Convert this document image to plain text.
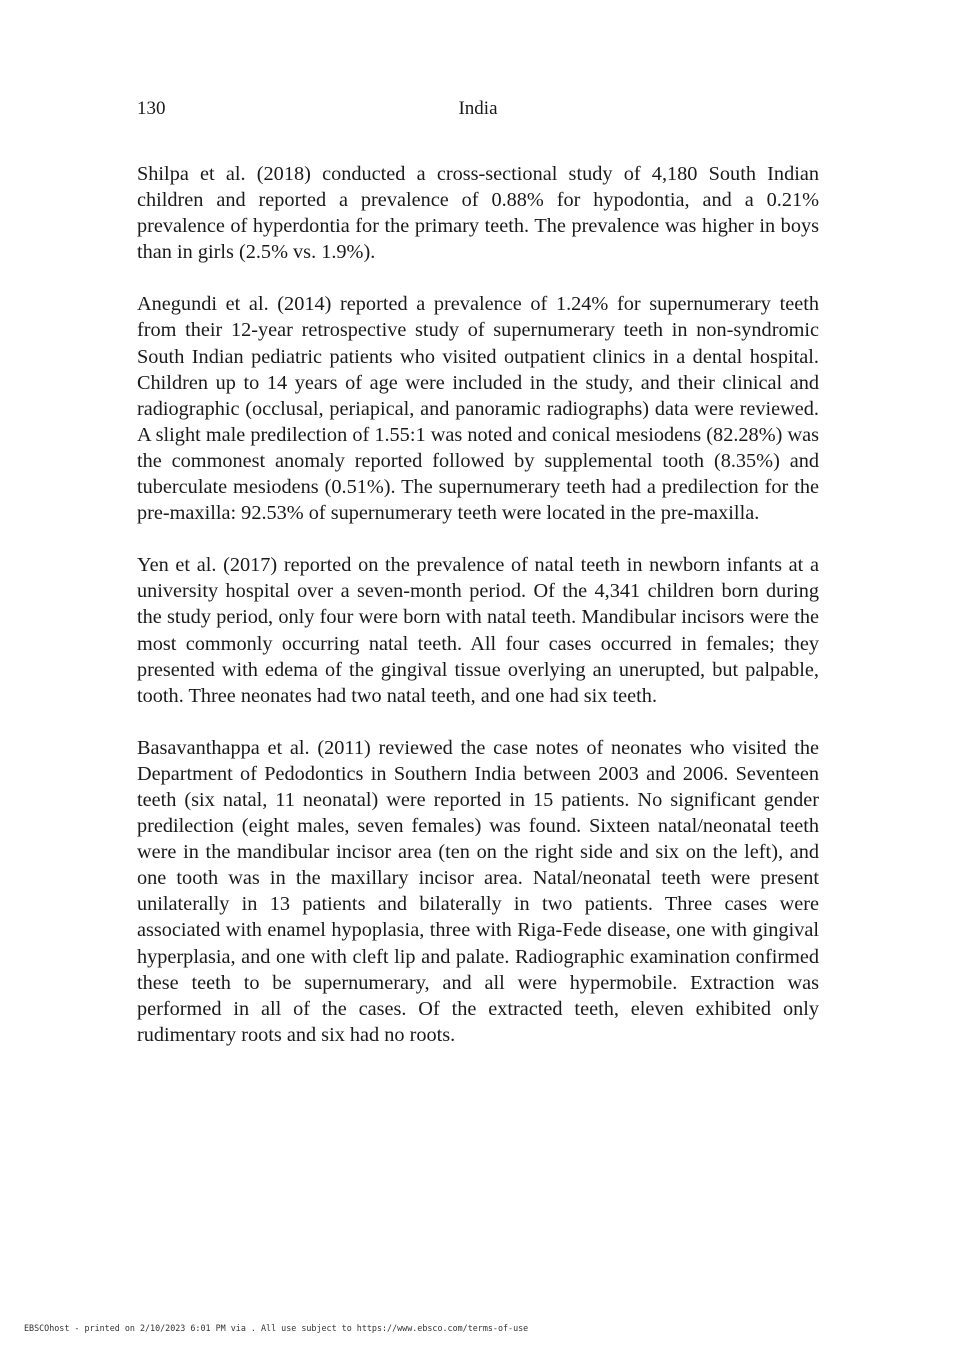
130	India

Shilpa et al. (2018) conducted a cross-sectional study of 4,180 South Indian children and reported a prevalence of 0.88% for hypodontia, and a 0.21% prevalence of hyperdontia for the primary teeth. The prevalence was higher in boys than in girls (2.5% vs. 1.9%).

Anegundi et al. (2014) reported a prevalence of 1.24% for supernumerary teeth from their 12-year retrospective study of supernumerary teeth in non-syndromic South Indian pediatric patients who visited outpatient clinics in a dental hospital. Children up to 14 years of age were included in the study, and their clinical and radiographic (occlusal, periapical, and panoramic radiographs) data were reviewed. A slight male predilection of 1.55:1 was noted and conical mesiodens (82.28%) was the commonest anomaly reported followed by supplemental tooth (8.35%) and tuberculate mesiodens (0.51%). The supernumerary teeth had a predilection for the pre-maxilla: 92.53% of supernumerary teeth were located in the pre-maxilla.

Yen et al. (2017) reported on the prevalence of natal teeth in newborn infants at a university hospital over a seven-month period. Of the 4,341 children born during the study period, only four were born with natal teeth. Mandibular incisors were the most commonly occurring natal teeth. All four cases occurred in females; they presented with edema of the gingival tissue overlying an unerupted, but palpable, tooth. Three neonates had two natal teeth, and one had six teeth.

Basavanthappa et al. (2011) reviewed the case notes of neonates who visited the Department of Pedodontics in Southern India between 2003 and 2006. Seventeen teeth (six natal, 11 neonatal) were reported in 15 patients. No significant gender predilection (eight males, seven females) was found. Sixteen natal/neonatal teeth were in the mandibular incisor area (ten on the right side and six on the left), and one tooth was in the maxillary incisor area. Natal/neonatal teeth were present unilaterally in 13 patients and bilaterally in two patients. Three cases were associated with enamel hypoplasia, three with Riga-Fede disease, one with gingival hyperplasia, and one with cleft lip and palate. Radiographic examination confirmed these teeth to be supernumerary, and all were hypermobile. Extraction was performed in all of the cases. Of the extracted teeth, eleven exhibited only rudimentary roots and six had no roots.

EBSCOhost - printed on 2/10/2023 6:01 PM via . All use subject to https://www.ebsco.com/terms-of-use
